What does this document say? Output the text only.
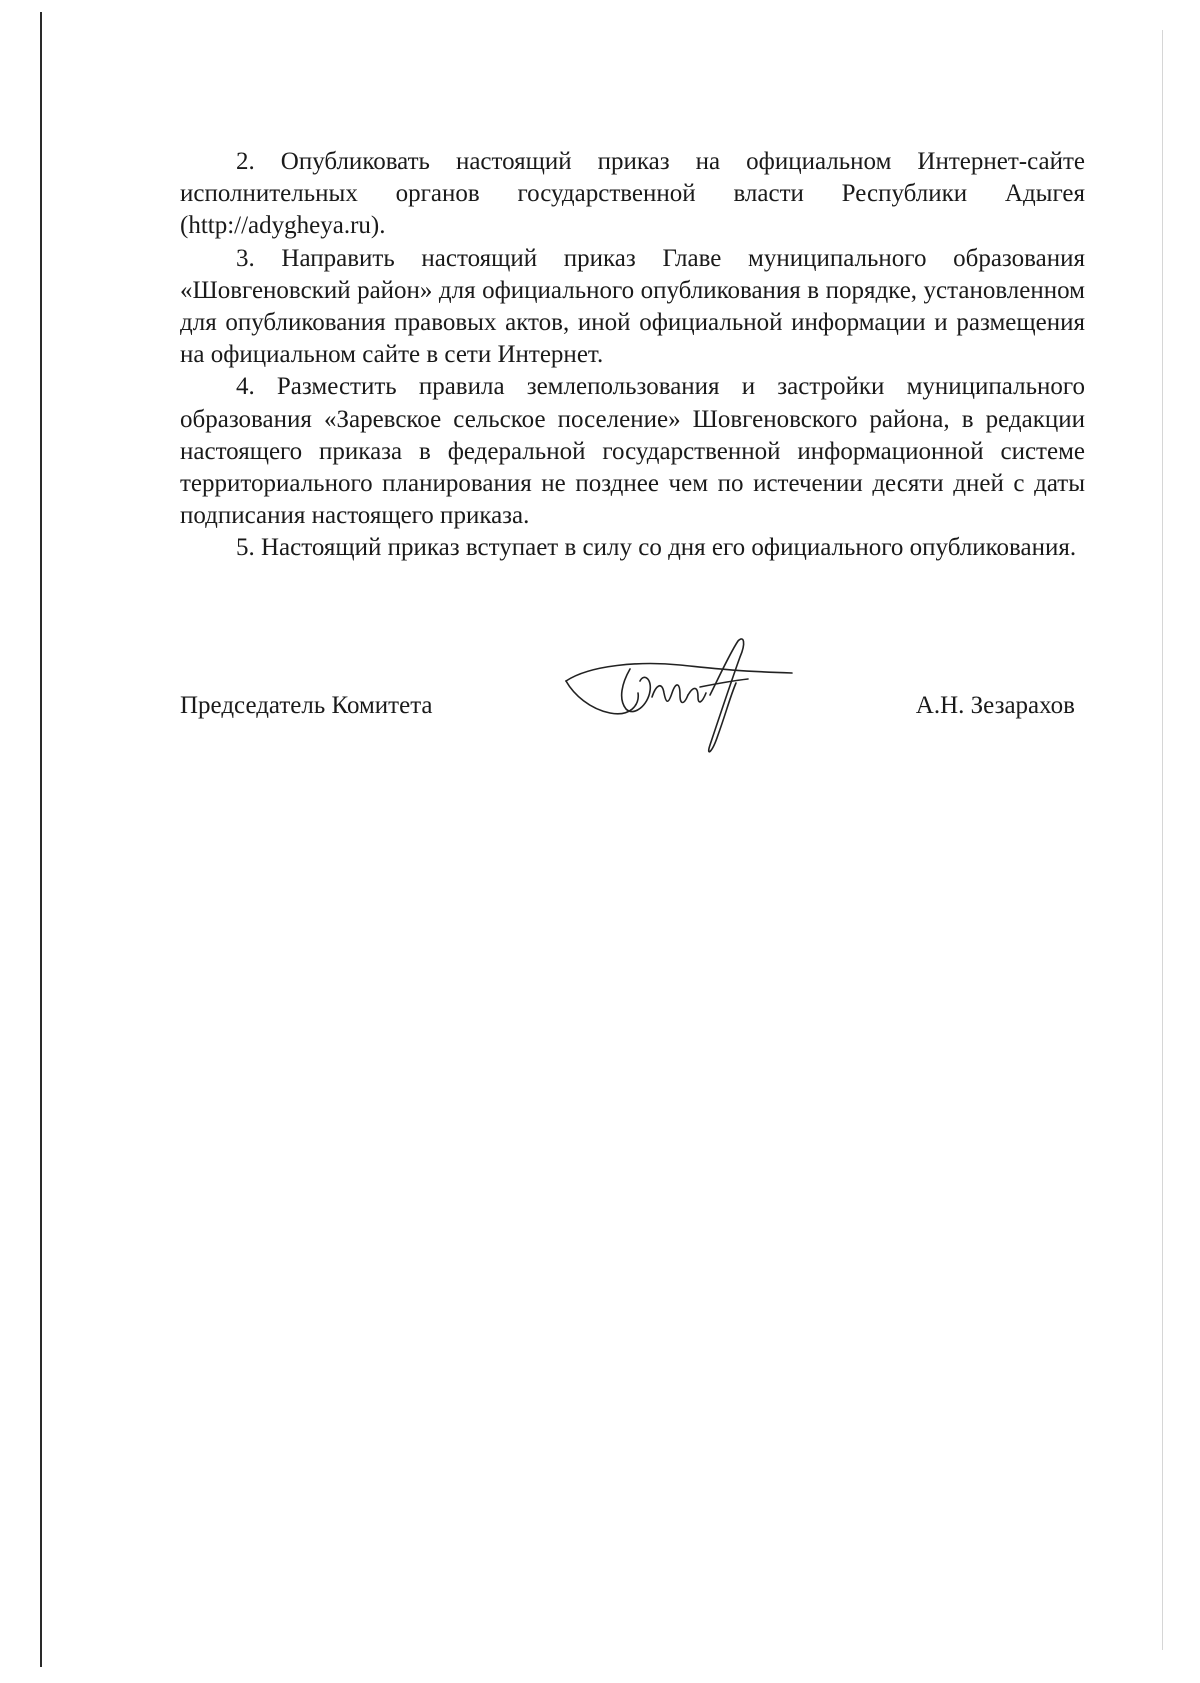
2. Опубликовать настоящий приказ на официальном Интернет-сайте исполнительных органов государственной власти Республики Адыгея (http://adygheya.ru).

3. Направить настоящий приказ Главе муниципального образования «Шовгеновский район» для официального опубликования в порядке, установленном для опубликования правовых актов, иной официальной информации и размещения на официальном сайте в сети Интернет.

4. Разместить правила землепользования и застройки муниципального образования «Заревское сельское поселение» Шовгеновского района, в редакции настоящего приказа в федеральной государственной информационной системе территориального планирования не позднее чем по истечении десяти дней с даты подписания настоящего приказа.

5. Настоящий приказ вступает в силу со дня его официального опубликования.

Председатель Комитета	А.Н. Зезарахов
